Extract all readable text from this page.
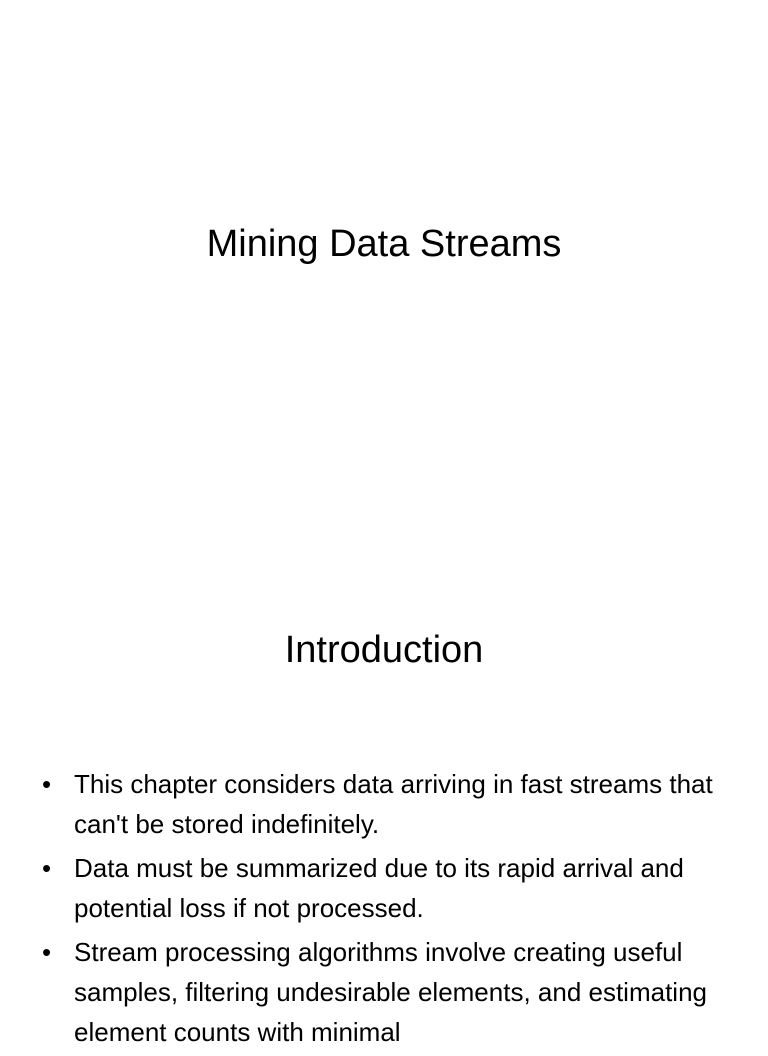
Mining Data Streams
Introduction
• This chapter considers data arriving in fast streams that can't be stored indefinitely.
• Data must be summarized due to its rapid arrival and potential loss if not processed.
• Stream processing algorithms involve creating useful samples, filtering undesirable elements, and estimating element counts with minimal
